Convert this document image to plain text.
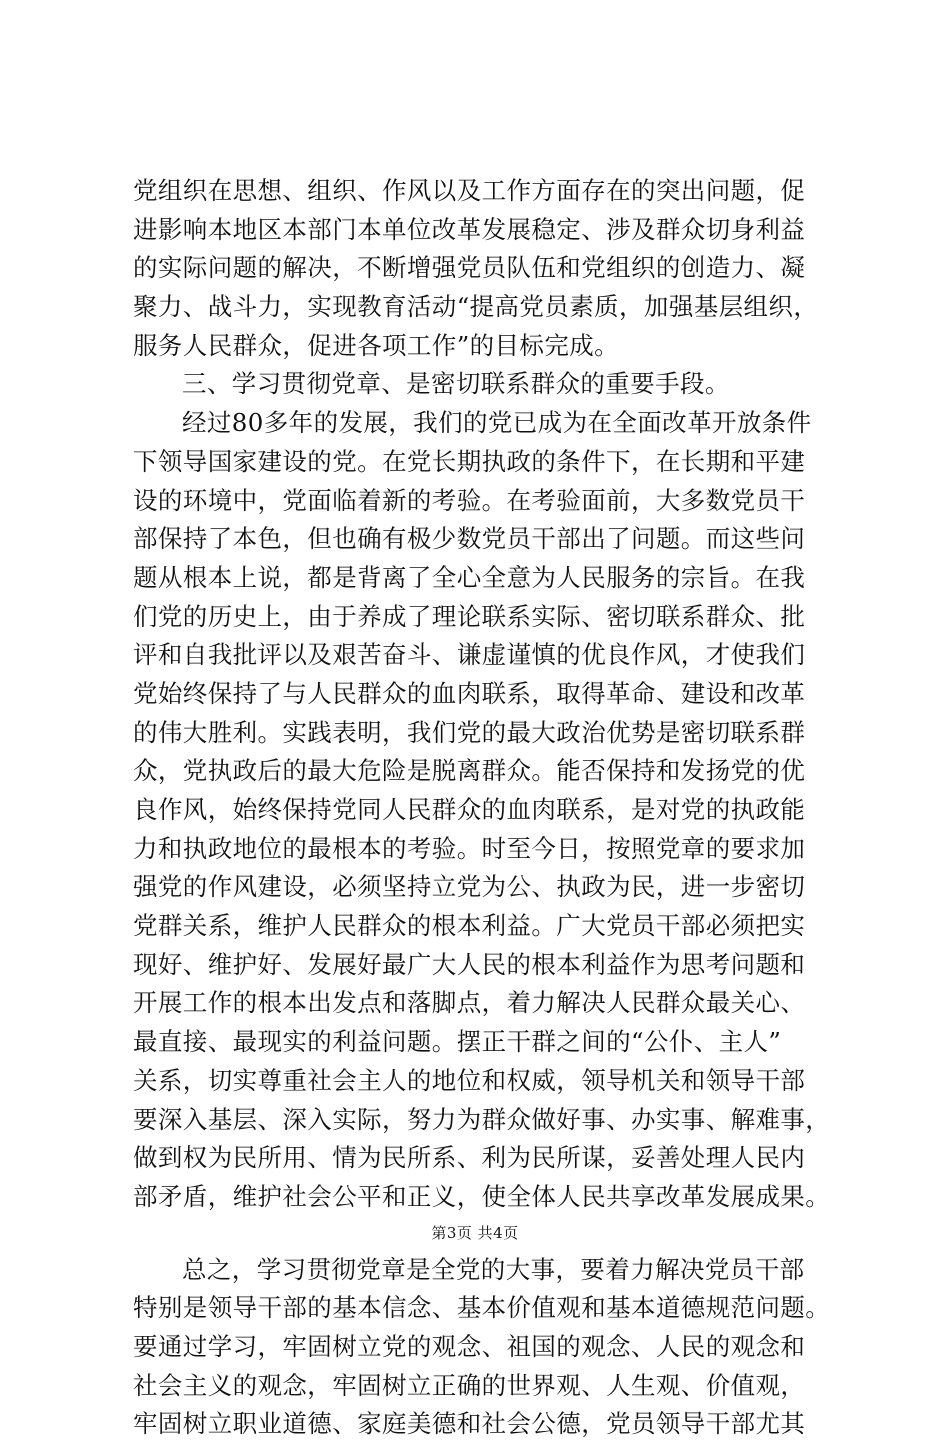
党组织在思想、组织、作风以及工作方面存在的突出问题，促
进影响本地区本部门本单位改革发展稳定、涉及群众切身利益
的实际问题的解决，不断增强党员队伍和党组织的创造力、凝
聚力、战斗力，实现教育活动“提高党员素质，加强基层组织，
服务人民群众，促进各项工作”的目标完成。
三、学习贯彻党章、是密切联系群众的重要手段。
经过80多年的发展，我们的党已成为在全面改革开放条件
下领导国家建设的党。在党长期执政的条件下，在长期和平建
设的环境中，党面临着新的考验。在考验面前，大多数党员干
部保持了本色，但也确有极少数党员干部出了问题。而这些问
题从根本上说，都是背离了全心全意为人民服务的宗旨。在我
们党的历史上，由于养成了理论联系实际、密切联系群众、批
评和自我批评以及艰苦奋斗、谦虚谨慎的优良作风，才使我们
党始终保持了与人民群众的血肉联系，取得革命、建设和改革
的伟大胜利。实践表明，我们党的最大政治优势是密切联系群
众，党执政后的最大危险是脱离群众。能否保持和发扬党的优
良作风，始终保持党同人民群众的血肉联系，是对党的执政能
力和执政地位的最根本的考验。时至今日，按照党章的要求加
强党的作风建设，必须坚持立党为公、执政为民，进一步密切
党群关系，维护人民群众的根本利益。广大党员干部必须把实
现好、维护好、发展好最广大人民的根本利益作为思考问题和
开展工作的根本出发点和落脚点，着力解决人民群众最关心、
最直接、最现实的利益问题。摆正干群之间的“公仆、主人”
关系，切实尊重社会主人的地位和权威，领导机关和领导干部
要深入基层、深入实际，努力为群众做好事、办实事、解难事，
做到权为民所用、情为民所系、利为民所谋，妥善处理人民内
部矛盾，维护社会公平和正义，使全体人民共享改革发展成果。
总之，学习贯彻党章是全党的大事，要着力解决党员干部
特别是领导干部的基本信念、基本价值观和基本道德规范问题。
要通过学习，牢固树立党的观念、祖国的观念、人民的观念和
社会主义的观念，牢固树立正确的世界观、人生观、价值观，
牢固树立职业道德、家庭美德和社会公德，党员领导干部尤其
第3页 共4页
